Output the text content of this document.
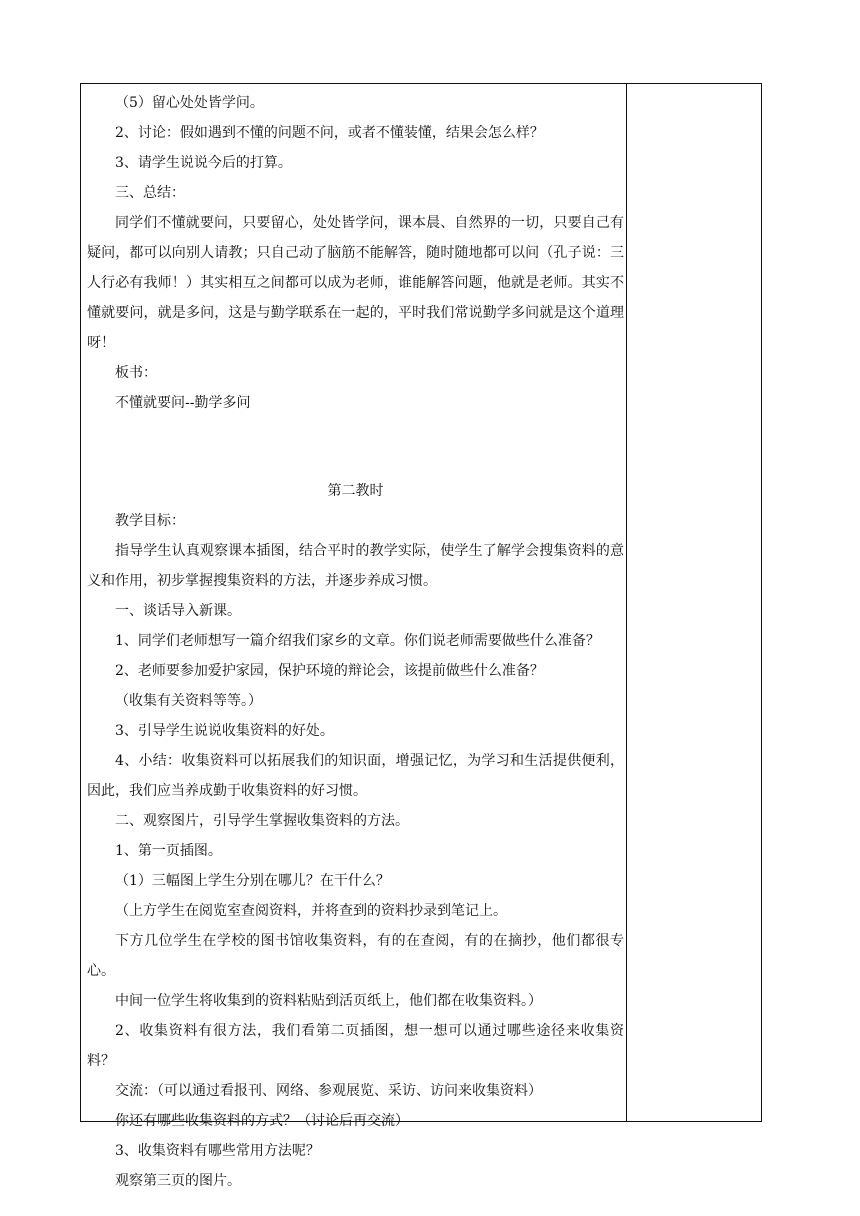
（5）留心处处皆学问。

2、讨论：假如遇到不懂的问题不问，或者不懂装懂，结果会怎么样？

3、请学生说说今后的打算。

三、总结：

同学们不懂就要问，只要留心，处处皆学问，课本晨、自然界的一切，只要自己有疑问，都可以向别人请教；只自己动了脑筋不能解答，随时随地都可以问（孔子说：三人行必有我师！）其实相互之间都可以成为老师，谁能解答问题，他就是老师。其实不懂就要问，就是多问，这是与勤学联系在一起的，平时我们常说勤学多问就是这个道理呀！

板书：

不懂就要问--勤学多问

第二教时

教学目标：

指导学生认真观察课本插图，结合平时的教学实际，使学生了解学会搜集资料的意义和作用，初步掌握搜集资料的方法，并逐步养成习惯。

一、谈话导入新课。

1、同学们老师想写一篇介绍我们家乡的文章。你们说老师需要做些什么准备？

2、老师要参加爱护家园，保护环境的辩论会，该提前做些什么准备？

（收集有关资料等等。）

3、引导学生说说收集资料的好处。

4、小结：收集资料可以拓展我们的知识面，增强记忆，为学习和生活提供便利，因此，我们应当养成勤于收集资料的好习惯。

二、观察图片，引导学生掌握收集资料的方法。

1、第一页插图。

（1）三幅图上学生分别在哪儿？在干什么？

（上方学生在阅览室查阅资料，并将查到的资料抄录到笔记上。

下方几位学生在学校的图书馆收集资料，有的在查阅，有的在摘抄，他们都很专心。

中间一位学生将收集到的资料粘贴到活页纸上，他们都在收集资料。）

2、收集资料有很方法，我们看第二页插图，想一想可以通过哪些途径来收集资料？

交流：（可以通过看报刊、网络、参观展览、采访、访问来收集资料）

你还有哪些收集资料的方式？（讨论后再交流）

3、收集资料有哪些常用方法呢？

观察第三页的图片。
